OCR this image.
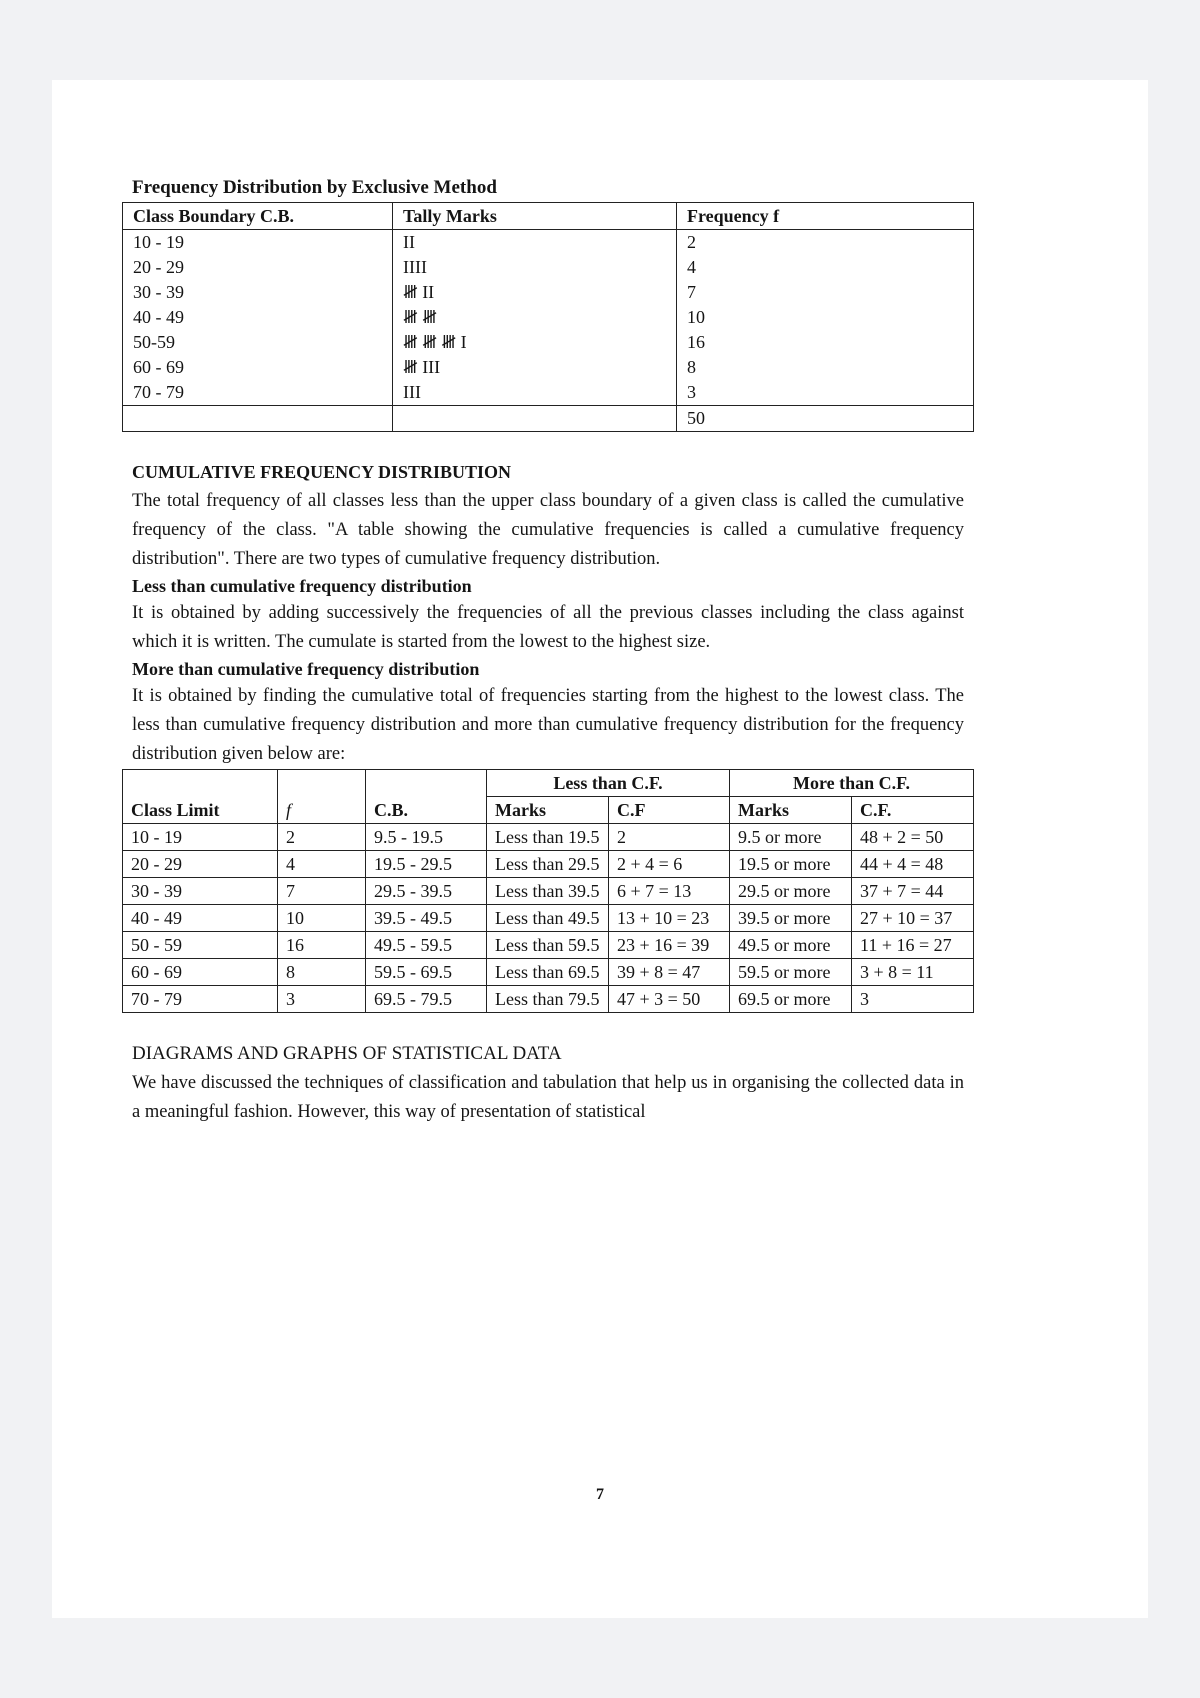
Frequency Distribution by Exclusive Method
Class Boundary C.B.	Tally Marks	Frequency f
10 - 19	II	2
20 - 29	IIII	4
30 - 39	𝍸 II	7
40 - 49	𝍸 𝍸	10
50-59	𝍸 𝍸 𝍸 I	16
60 - 69	𝍸 III	8
70 - 79	III	3
		50
CUMULATIVE FREQUENCY DISTRIBUTION

The total frequency of all classes less than the upper class boundary of a given class is called the cumulative frequency of the class. "A table showing the cumulative frequencies is called a cumulative frequency distribution". There are two types of cumulative frequency distribution.

Less than cumulative frequency distribution

It is obtained by adding successively the frequencies of all the previous classes including the class against which it is written. The cumulate is started from the lowest to the highest size.

More than cumulative frequency distribution

It is obtained by finding the cumulative total of frequencies starting from the highest to the lowest class. The less than cumulative frequency distribution and more than cumulative frequency distribution for the frequency distribution given below are:

			Less than C.F.		More than C.F.	
Class Limit	f	C.B.	Marks	C.F	Marks	C.F.
10 - 19	2	9.5 - 19.5	Less than 19.5	2	9.5 or more	48 + 2 = 50
20 - 29	4	19.5 - 29.5	Less than 29.5	2 + 4 = 6	19.5 or more	44 + 4 = 48
30 - 39	7	29.5 - 39.5	Less than 39.5	6 + 7 = 13	29.5 or more	37 + 7 = 44
40 - 49	10	39.5 - 49.5	Less than 49.5	13 + 10 = 23	39.5 or more	27 + 10 = 37
50 - 59	16	49.5 - 59.5	Less than 59.5	23 + 16 = 39	49.5 or more	11 + 16 = 27
60 - 69	8	59.5 - 69.5	Less than 69.5	39 + 8 = 47	59.5 or more	3 + 8 = 11
70 - 79	3	69.5 - 79.5	Less than 79.5	47 + 3 = 50	69.5 or more	3
DIAGRAMS AND GRAPHS OF STATISTICAL DATA

We have discussed the techniques of classification and tabulation that help us in organising the collected data in a meaningful fashion. However, this way of presentation of statistical

7
